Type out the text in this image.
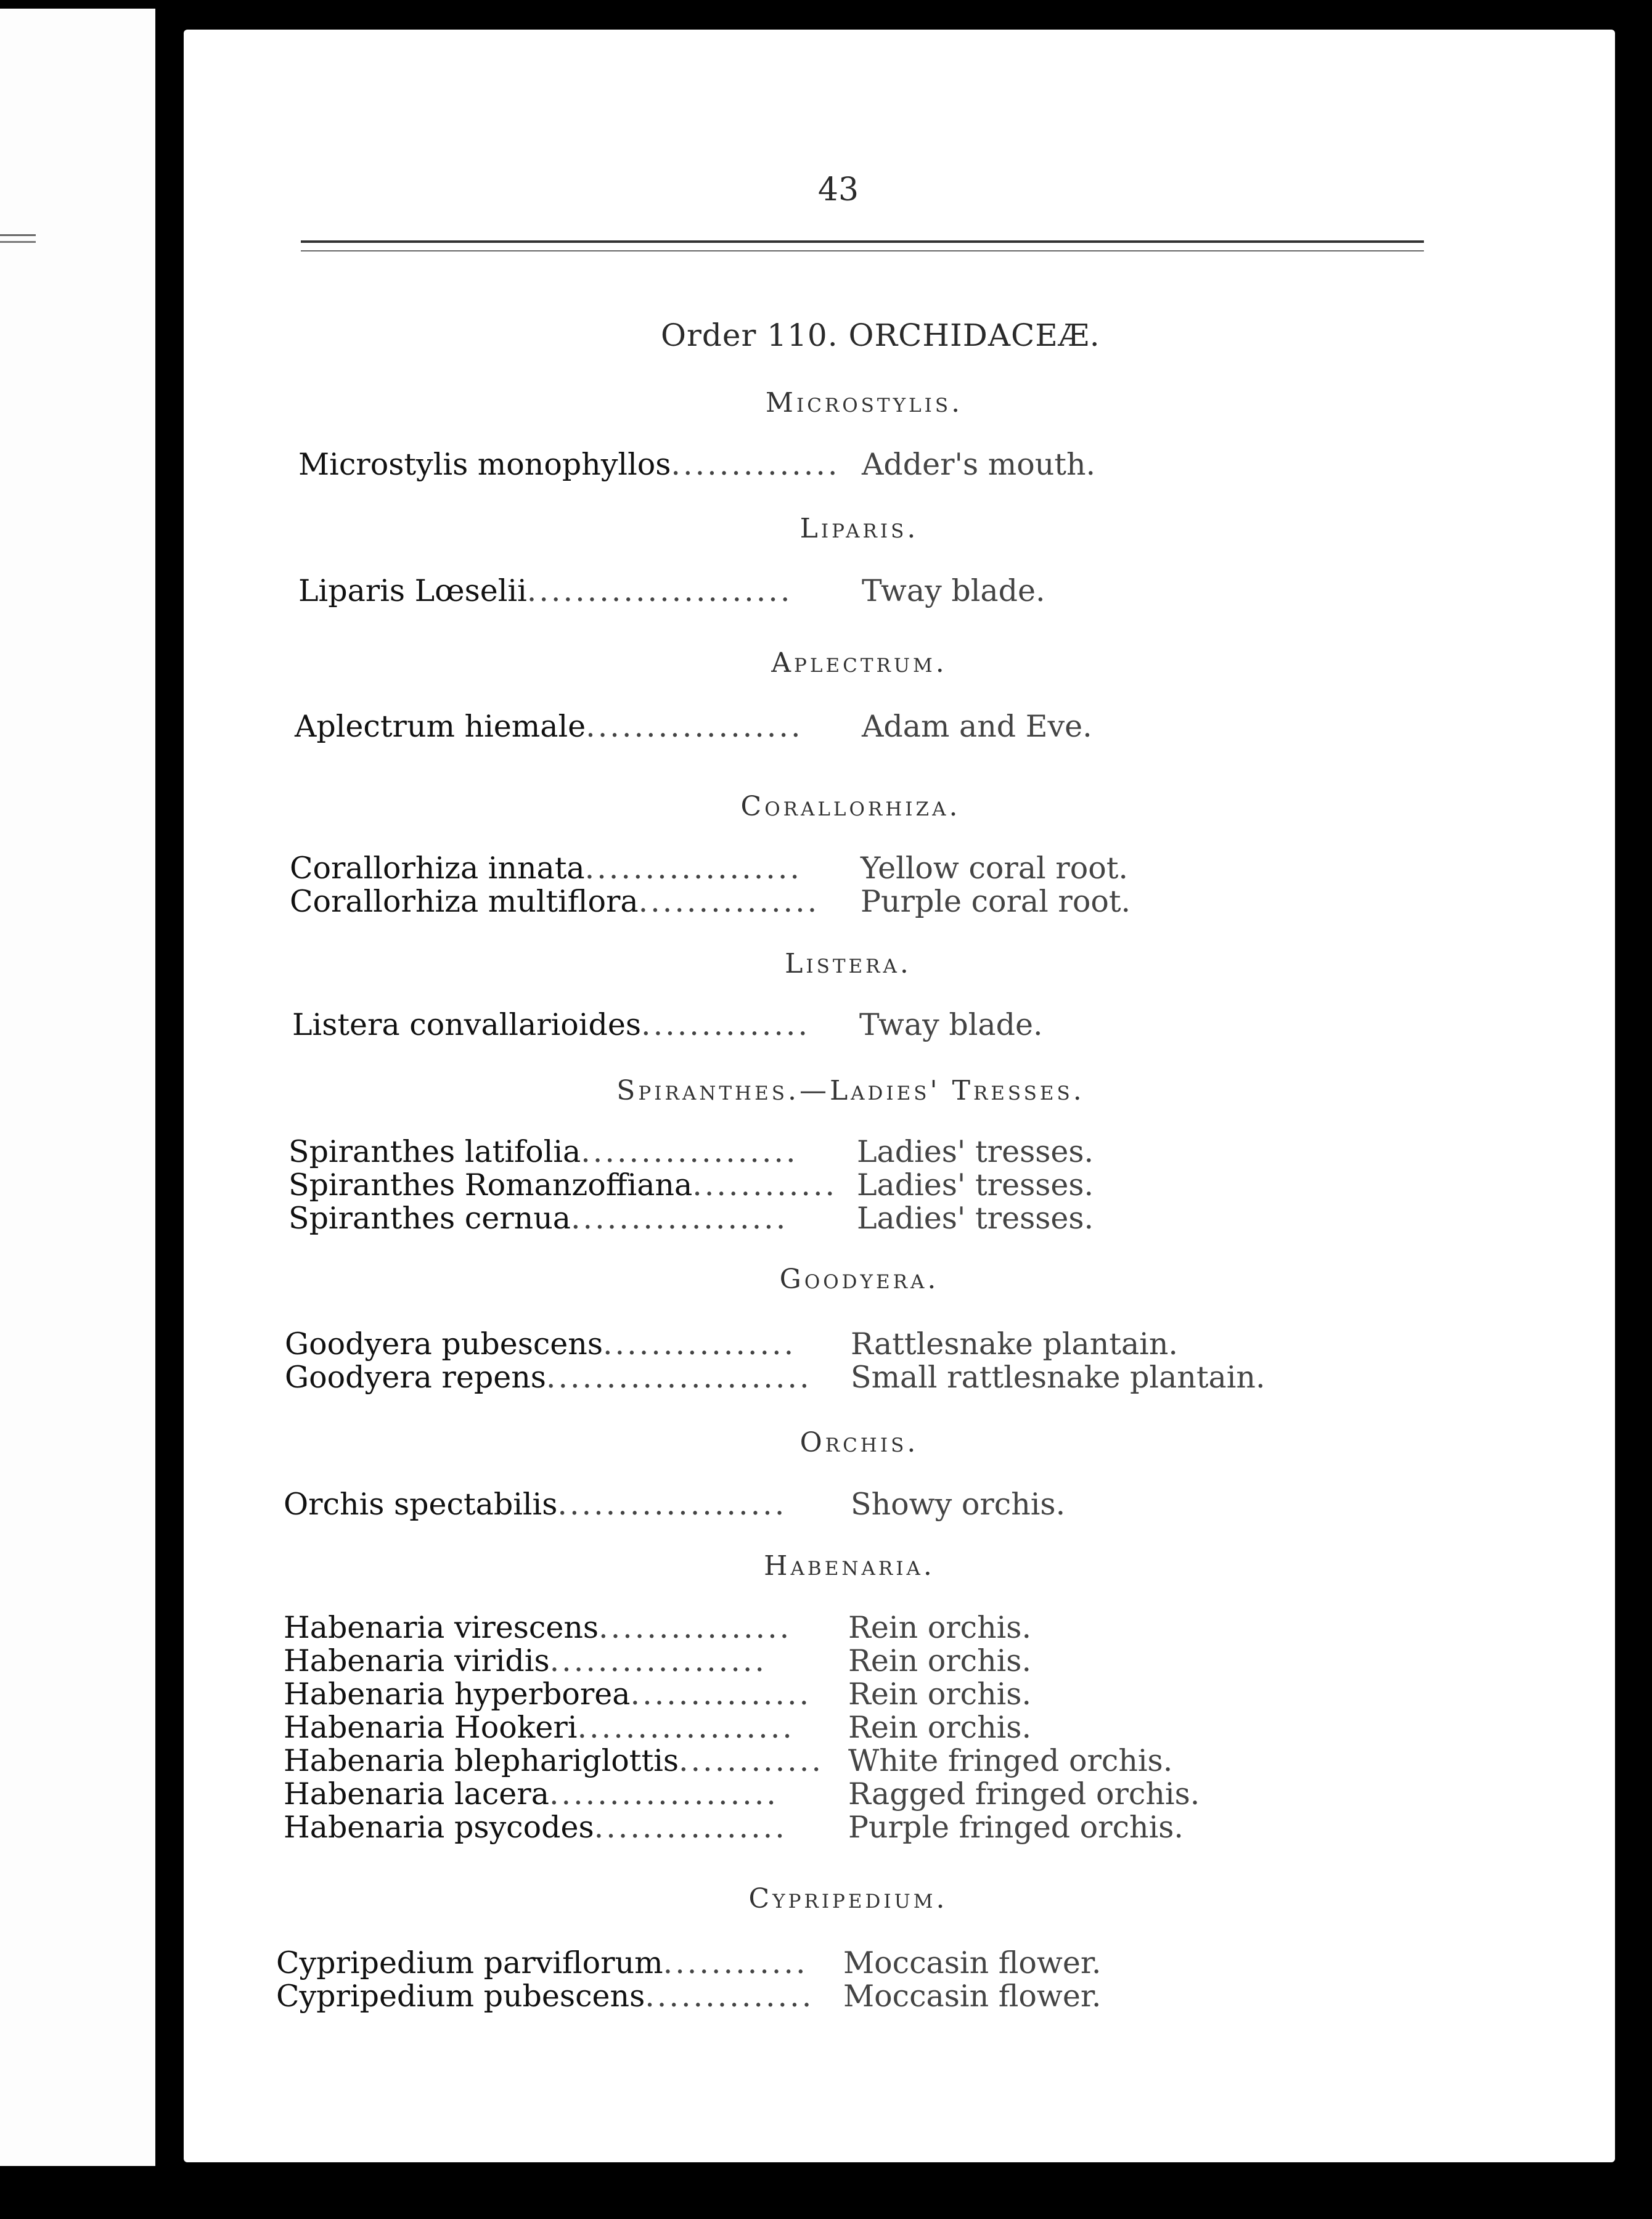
43
Order 110. ORCHIDACEÆ.
Microstylis.
Microstylis monophyllos.............. Adder's mouth.
Liparis.
Liparis Lœselii...................... Tway blade.
Aplectrum.
Aplectrum hiemale.................. Adam and Eve.
Corallorhiza.
Corallorhiza innata.................. Yellow coral root.
Corallorhiza multiflora............... Purple coral root.
Listera.
Listera convallarioides.............. Tway blade.
Spiranthes.—Ladies' Tresses.
Spiranthes latifolia.................. Ladies' tresses.
Spiranthes Romanzoffiana............ Ladies' tresses.
Spiranthes cernua.................. Ladies' tresses.
Goodyera.
Goodyera pubescens................ Rattlesnake plantain.
Goodyera repens...................... Small rattlesnake plantain.
Orchis.
Orchis spectabilis................... Showy orchis.
Habenaria.
Habenaria virescens................ Rein orchis.
Habenaria viridis..................	Rein orchis.
Habenaria hyperborea............... Rein orchis.
Habenaria Hookeri.................. Rein orchis.
Habenaria blephariglottis............ White fringed orchis.
Habenaria lacera................... Ragged fringed orchis.
Habenaria psycodes................ Purple fringed orchis.
Cypripedium.
Cypripedium parviflorum............ Moccasin flower.
Cypripedium pubescens.............. Moccasin flower.
